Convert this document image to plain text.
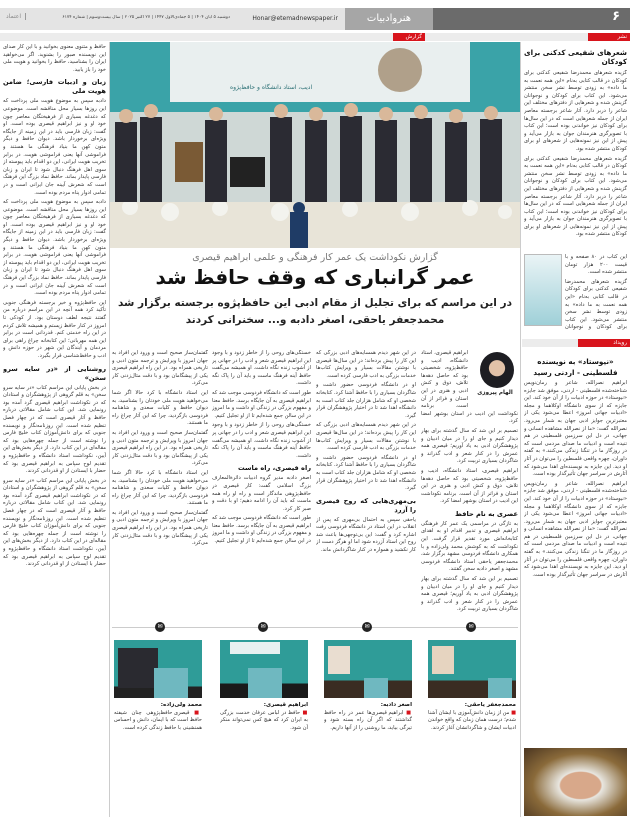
۶
هنروادبیات
Honar@etemadnewspaper.ir
دوشنبه ۵ آبان ۱۴۰۴ | ۵ جمادی‌الاول ۱۴۴۷ | ۲۷ اکتبر ۲۰۲۵ | سال بیست‌وسوم | شماره ۶۱۷۴
اعتماد
گزارش	نشر
ادیب، استاد دانشگاه و حافظ‌پژوه
گزارش نکوداشت یک عمر کار فرهنگی و علمی ابراهیم قیصری
عمر گرانباری که وقف حافظ شد
در این مراسم که برای تجلیل از مقام ادبی این حافظ‌پژوه برجسته برگزار شد
محمدجعفر یاحقی، اصغر دادبه و... سخنرانی کردند
الهام پیروزی

ابراهیم قیصری، استاد دانشگاه، ادیب و حافظ‌پژوه، شخصیتی بود که حاصل دهه‌ها تلاش، ذوق و کنش ادبی و هنری در این استان و فراتر از آن است. برنامه نکوداشت این ادیب در استان بوشهر امضا کرد.

تصمیم بر این شد که سال گذشته برای بهار دیدار کنیم و جای او را در میان ادبیان و پژوهشگران ادبی به یاد آوریم؛ قیصری همه عمرش را در کنار شعر و ادب گذراند و شاگردان بسیاری تربیت کرد.

ابراهیم قیصری، استاد دانشگاه، ادیب و حافظ‌پژوه، شخصیتی بود که حاصل دهه‌ها تلاش، ذوق و کنش ادبی و هنری در این استان و فراتر از آن است. برنامه نکوداشت این ادیب در استان بوشهر امضا کرد.

عصری به نام حافظ

به تازگی در مراسمی یک عمر کار فرهنگی ابراهیم قیصری و تدبیر اقدام او به اهدای کتابخانه‌اش مورد تقدیر قرار گرفت. این نکوداشت که به کوشش محمد ولی‌زاده و با همکاری دانشگاه فردوسی مشهد برگزار شد، محمدجعفر یاحقی استاد دانشگاه فردوسی مشهد و اصغر دادبه سخن گفتند.

تصمیم بر این شد که سال گذشته برای بهار دیدار کنیم و جای او را در میان ادبیان و پژوهشگران ادبی به یاد آوریم؛ قیصری همه عمرش را در کنار شعر و ادب گذراند و شاگردان بسیاری تربیت کرد.

در این شهر دیدم همسایه‌های ادبی بزرگی که این کار را پیش برده‌اند؛ در این سال‌ها قیصری با نوشتن مقالات بسیار و ویرایش کتاب‌ها خدمات بزرگی به ادب فارسی کرده است.

او در دانشگاه فردوسی حضور داشت و شاگردان بسیاری را با حافظ آشنا کرد. کتابخانه شخصی او که شامل هزاران جلد کتاب است به دانشگاه اهدا شد تا در اختیار پژوهشگران قرار گیرد.

در این شهر دیدم همسایه‌های ادبی بزرگی که این کار را پیش برده‌اند؛ در این سال‌ها قیصری با نوشتن مقالات بسیار و ویرایش کتاب‌ها خدمات بزرگی به ادب فارسی کرده است.

او در دانشگاه فردوسی حضور داشت و شاگردان بسیاری را با حافظ آشنا کرد. کتابخانه شخصی او که شامل هزاران جلد کتاب است به دانشگاه اهدا شد تا در اختیار پژوهشگران قرار گیرد.

بی‌مهری‌هایی که روح قیصری را آزرد

یاحقی سپس به احتمال بی‌مهری که پس از انقلاب در این استاد در دانشگاه فردوسی رفت اشاره کرد و گفت: این بی‌توجهی‌ها باعث شد روح این استاد آزرده شود اما او هرگز دست از کار نکشید و همواره در کنار شاگردانش ماند.

خستگی‌های روحی را از خاطر زدود و با وجود این ابراهیم قیصری شعر و ادب را در جهانی پر از آشوب زنده نگاه داشت. او همیشه می‌گفت حافظ آینه فرهنگ ماست و باید آن را پاک نگه داشت.

طور است که دانشگاه فردوسی موجب شد که ابراهیم قیصری به آن جایگاه برسد. حافظ معنا و مفهوم بزرگی در زندگی او داشت و ما امروز در این سالن جمع شده‌ایم تا از او تجلیل کنیم.

خستگی‌های روحی را از خاطر زدود و با وجود این ابراهیم قیصری شعر و ادب را در جهانی پر از آشوب زنده نگاه داشت. او همیشه می‌گفت حافظ آینه فرهنگ ماست و باید آن را پاک نگه داشت.

راه قیصری، راه ماست

اصغر دادبه مدیر گروه ادبیات دائرةالمعارف بزرگ اسلامی گفت: کار قیصری در حافظ‌پژوهی ماندگار است و راه او راه همه ماست که باید آن را ادامه دهیم؛ او با دقت و صبر کار کرد.

طور است که دانشگاه فردوسی موجب شد که ابراهیم قیصری به آن جایگاه برسد. حافظ معنا و مفهوم بزرگی در زندگی او داشت و ما امروز در این سالن جمع شده‌ایم تا از او تجلیل کنیم.

گفتمان‌ساز صحیح است و ورود این افراد به جهان امروز با ویرایش و ترجمه متون ادبی و تاریخی همراه بود. در این راه ابراهیم قیصری یکی از پیشگامان بود و با دقت مثال‌زدنی کار می‌کرد.

این استاد دانشگاه با کرد حالا اگر شما می‌خواهید هویت ملی خودتان را بشناسید، به دیوان حافظ و کلیات سعدی و شاهنامه فردوسی بازگردید، چرا که این آثار چراغ راه ما هستند.

گفتمان‌ساز صحیح است و ورود این افراد به جهان امروز با ویرایش و ترجمه متون ادبی و تاریخی همراه بود. در این راه ابراهیم قیصری یکی از پیشگامان بود و با دقت مثال‌زدنی کار می‌کرد.

این استاد دانشگاه با کرد حالا اگر شما می‌خواهید هویت ملی خودتان را بشناسید، به دیوان حافظ و کلیات سعدی و شاهنامه فردوسی بازگردید، چرا که این آثار چراغ راه ما هستند.

گفتمان‌ساز صحیح است و ورود این افراد به جهان امروز با ویرایش و ترجمه متون ادبی و تاریخی همراه بود. در این راه ابراهیم قیصری یکی از پیشگامان بود و با دقت مثال‌زدنی کار می‌کرد.

✉	✉	✉	✉
محمدجعفر یاحقی:
■ من از زمان دانش‌آموزی با ایشان آشنا شدم؛ درست همان زمان که واقع خواندن ادبیات ایشان و شاگردانشان آغاز کردند.
اصغر دادبه:
■ ابراهیم قیصری‌ها عمر در راه حافظ گذاشتند که اگر آن راه بسته شود و تیرگی بیاید، ما روشنی را از آنها داریم.
ابراهیم قیصری:
■ حافظ در لباس عرفان خدمت بزرگی به ایران کرد که هیچ کس نمی‌تواند منکر آن شود.
محمد ولی‌زاده:
■ قیصری حافظ‌پژوهی چنان شیفته حافظ است که با ایمان، دانش و احساس همنشینی با حافظ زندگی کرده است.
شعرهای شفیعی کدکنی برای کودکان

گزیده شعرهای محمدرضا شفیعی کدکنی برای کودکان در قالب کتابی به‌نام «این همه نعمت به ما داده» به زودی توسط نشر سخن منتشر می‌شود. این کتاب برای کودکان و نوجوانان گزینش شده و شعرهایی از دفترهای مختلف این شاعر را دربر دارد. آثار شاعر برجسته معاصر ایران از جمله شعرهایی است که در این سال‌ها برای کودکان نیز خواندنی بوده است؛ این کتاب با تصویرگری هنرمندان جوان به بازار می‌آید و پیش از این نیز نمونه‌هایی از شعرهای او برای کودکان منتشر شده بود.

گزیده شعرهای محمدرضا شفیعی کدکنی برای کودکان در قالب کتابی به‌نام «این همه نعمت به ما داده» به زودی توسط نشر سخن منتشر می‌شود. این کتاب برای کودکان و نوجوانان گزینش شده و شعرهایی از دفترهای مختلف این شاعر را دربر دارد. آثار شاعر برجسته معاصر ایران از جمله شعرهایی است که در این سال‌ها برای کودکان نیز خواندنی بوده است؛ این کتاب با تصویرگری هنرمندان جوان به بازار می‌آید و پیش از این نیز نمونه‌هایی از شعرهای او برای کودکان منتشر شده بود.

این کتاب در ۸۰ صفحه و با قیمت ۲۰۰ هزار تومان منتشر شده است.

گزیده شعرهای محمدرضا شفیعی کدکنی برای کودکان در قالب کتابی به‌نام «این همه نعمت به ما داده» به زودی توسط نشر سخن منتشر می‌شود. این کتاب برای کودکان و نوجوانان

رویداد
«نیوستاد» به نویسنده فلسطینی - اردنی رسید

ابراهیم نصرالله، شاعر و رمان‌نویس شناخته‌شده فلسطینی - اردنی، موفق شد جایزه «نیوستاد» در حوزه ادبیات را از آن خود کند. این جایزه که از سوی دانشگاه اوکلاهما و مجله «ادبیات جهانی امروز» اعطا می‌شود یکی از معتبرترین جوایز ادبی جهان به شمار می‌رود. نصرالله گفت: «ما از نصرالله مشاهده انسانی و جهانی، در دل این سرزمین فلسطینی در هم تنیده است و ادبیات ما صدای مردمی است که در روزگار ما در تنگنا زندگی می‌کنند.» به گفته داوران، چهره واقعی فلسطین را می‌توان در آثار او دید. این جایزه به نویسنده‌ای اهدا می‌شود که آثارش در سراسر جهان تأثیرگذار بوده است.

ابراهیم نصرالله، شاعر و رمان‌نویس شناخته‌شده فلسطینی - اردنی، موفق شد جایزه «نیوستاد» در حوزه ادبیات را از آن خود کند. این جایزه که از سوی دانشگاه اوکلاهما و مجله «ادبیات جهانی امروز» اعطا می‌شود یکی از معتبرترین جوایز ادبی جهان به شمار می‌رود. نصرالله گفت: «ما از نصرالله مشاهده انسانی و جهانی، در دل این سرزمین فلسطینی در هم تنیده است و ادبیات ما صدای مردمی است که در روزگار ما در تنگنا زندگی می‌کنند.» به گفته داوران، چهره واقعی فلسطین را می‌توان در آثار او دید. این جایزه به نویسنده‌ای اهدا می‌شود که آثارش در سراسر جهان تأثیرگذار بوده است.

حافظ و مثنوی معنوی بخوانید و با این کار صدای این نویسنده صبور را بشنوید. اگر می‌خواهید ایران را بشناسید، حافظ را بخوانید و هویت ملی خود را باز یابید.

زبان و ادبیات فارسی؛ ضامن هویت ملی

دادبه سپس به موضوع هویت ملی پرداخت که این روزها بسیار محل مناقشه است. موضوعی که دغدغه بسیاری از فرهیختگان معاصر چون خود او و نیز ابراهیم قیصری بوده است. او گفت: زبان فارسی باید در این زمینه از جایگاه ویژه‌ای برخوردار باشد. دیوان حافظ و دیگر متون کهن ما بنیاد فرهنگی ما هستند و فراموشی آنها یعنی فراموشی هویت. در برابر تخریب هویت ایرانی، این دو اقدام باید پیوسته از سوی اهل فرهنگ دنبال شود تا ایران و زبان فارسی پایدار بماند. حافظ نماد بزرگ این فرهنگ است که شعرش آیینه جان ایرانی است و در تمامی ادوار پناه مردم بوده است.

دادبه سپس به موضوع هویت ملی پرداخت که این روزها بسیار محل مناقشه است. موضوعی که دغدغه بسیاری از فرهیختگان معاصر چون خود او و نیز ابراهیم قیصری بوده است. او گفت: زبان فارسی باید در این زمینه از جایگاه ویژه‌ای برخوردار باشد. دیوان حافظ و دیگر متون کهن ما بنیاد فرهنگی ما هستند و فراموشی آنها یعنی فراموشی هویت. در برابر تخریب هویت ایرانی، این دو اقدام باید پیوسته از سوی اهل فرهنگ دنبال شود تا ایران و زبان فارسی پایدار بماند. حافظ نماد بزرگ این فرهنگ است که شعرش آیینه جان ایرانی است و در تمامی ادوار پناه مردم بوده است.

این حافظ‌پژوه و خیر برجسته فرهنگی جنوبی تأکید کرد همه آنچه در این مراسم درباره من گفتند نتیجه لطف دوستان بود. از کودکی تا امروز در کنار حافظ زیستم و همیشه تلاش کردم در این راه خدمتی کنم. قدردانی است در برابر این همه مهربانی؛ این کتابخانه چراغ راهی برای مردمان و آیندگان این شهر در حوزه دانش و ادب و حافظ‌شناسی قرار بگیرد.

روشنایی از «در سایه سرو سخن»

در بخش پایانی این مراسم کتاب «در سایه سرو سخن» به قلم گروهی از پژوهشگران و استادان که در نکوداشت ابراهیم قیصری گرد آمده بود رونمایی شد. این کتاب شامل مقالاتی درباره حافظ و آثار قیصری است که در چهار فصل تنظیم شده است. این روزنامه‌نگار و نویسنده جنوبی که برای دانش‌آموزان کتاب خلیج فارس را نوشته است از جمله چهره‌هایی بود که مقاله‌ای در این کتاب دارد. از دیگر بخش‌های این آیین، نکوداشت استاد دانشگاه و حافظ‌پژوه و تقدیم لوح سپاس به ابراهیم قیصری بود که حضار با ایستادن از او قدردانی کردند.

در بخش پایانی این مراسم کتاب «در سایه سرو سخن» به قلم گروهی از پژوهشگران و استادان که در نکوداشت ابراهیم قیصری گرد آمده بود رونمایی شد. این کتاب شامل مقالاتی درباره حافظ و آثار قیصری است که در چهار فصل تنظیم شده است. این روزنامه‌نگار و نویسنده جنوبی که برای دانش‌آموزان کتاب خلیج فارس را نوشته است از جمله چهره‌هایی بود که مقاله‌ای در این کتاب دارد. از دیگر بخش‌های این آیین، نکوداشت استاد دانشگاه و حافظ‌پژوه و تقدیم لوح سپاس به ابراهیم قیصری بود که حضار با ایستادن از او قدردانی کردند.
